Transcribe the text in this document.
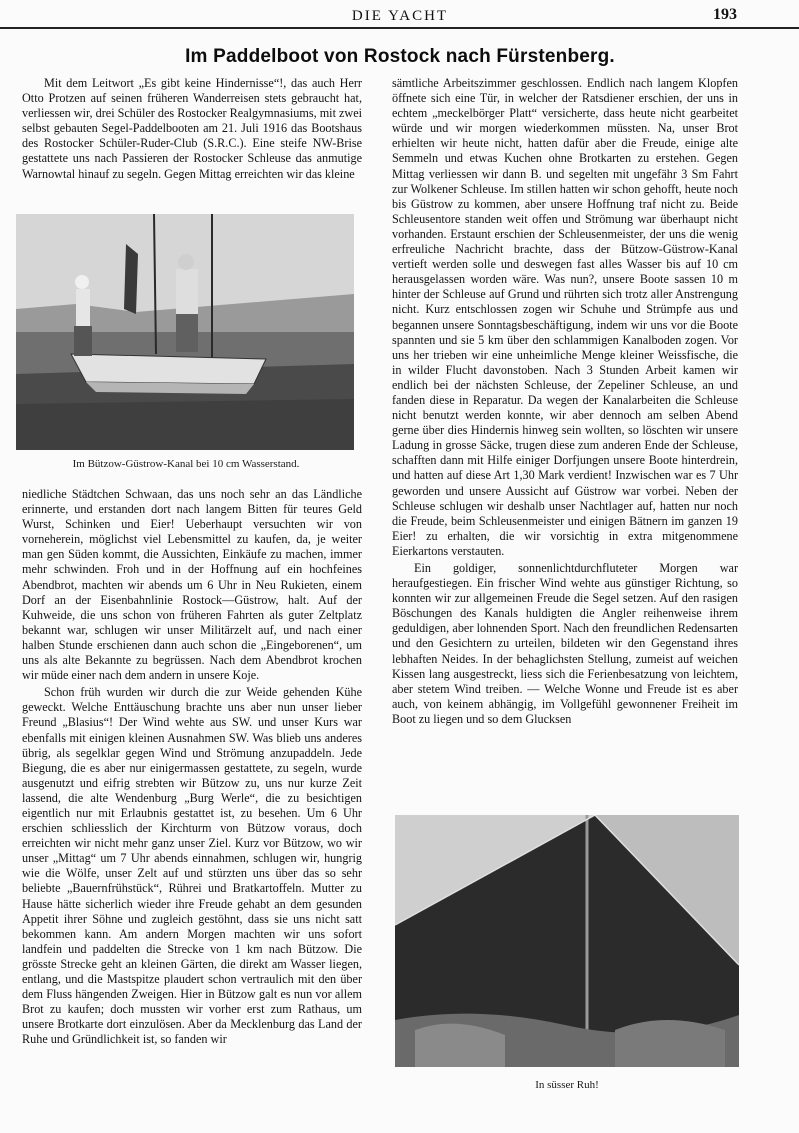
DIE YACHT	193
Im Paddelboot von Rostock nach Fürstenberg.

Mit dem Leitwort „Es gibt keine Hindernisse“!, das auch Herr Otto Protzen auf seinen früheren Wanderreisen stets gebraucht hat, verliessen wir, drei Schüler des Rostocker Realgymnasiums, mit zwei selbst gebauten Segel-Paddelbooten am 21. Juli 1916 das Bootshaus des Rostocker Schüler-Ruder-Club (S.R.C.). Eine steife NW-Brise gestattete uns nach Passieren der Rostocker Schleuse das anmutige Warnowtal hinauf zu segeln. Gegen Mittag erreichten wir das kleine

Im Bützow-Güstrow-Kanal bei 10 cm Wasserstand.

niedliche Städtchen Schwaan, das uns noch sehr an das Ländliche erinnerte, und erstanden dort nach langem Bitten für teures Geld Wurst, Schinken und Eier! Ueberhaupt versuchten wir von vorneherein, möglichst viel Lebensmittel zu kaufen, da, je weiter man gen Süden kommt, die Aussichten, Einkäufe zu machen, immer mehr schwinden. Froh und in der Hoffnung auf ein hochfeines Abendbrot, machten wir abends um 6 Uhr in Neu Rukieten, einem Dorf an der Eisenbahnlinie Rostock—Güstrow, halt. Auf der Kuhweide, die uns schon von früheren Fahrten als guter Zeltplatz bekannt war, schlugen wir unser Militärzelt auf, und nach einer halben Stunde erschienen dann auch schon die „Eingeborenen“, um uns als alte Bekannte zu begrüssen. Nach dem Abendbrot krochen wir müde einer nach dem andern in unsere Koje.

Schon früh wurden wir durch die zur Weide gehenden Kühe geweckt. Welche Enttäuschung brachte uns aber nun unser lieber Freund „Blasius“! Der Wind wehte aus SW. und unser Kurs war ebenfalls mit einigen kleinen Ausnahmen SW. Was blieb uns anderes übrig, als segelklar gegen Wind und Strömung anzupaddeln. Jede Biegung, die es aber nur einigermassen gestattete, zu segeln, wurde ausgenutzt und eifrig strebten wir Bützow zu, uns nur kurze Zeit lassend, die alte Wendenburg „Burg Werle“, die zu besichtigen eigentlich nur mit Erlaubnis gestattet ist, zu besehen. Um 6 Uhr erschien schliesslich der Kirchturm von Bützow voraus, doch erreichten wir nicht mehr ganz unser Ziel. Kurz vor Bützow, wo wir unser „Mittag“ um 7 Uhr abends einnahmen, schlugen wir, hungrig wie die Wölfe, unser Zelt auf und stürzten uns über das so sehr beliebte „Bauernfrühstück“, Rührei und Bratkartoffeln. Mutter zu Hause hätte sicherlich wieder ihre Freude gehabt an dem gesunden Appetit ihrer Söhne und zugleich gestöhnt, dass sie uns nicht satt bekommen kann. Am andern Morgen machten wir uns sofort landfein und paddelten die Strecke von 1 km nach Bützow. Die grösste Strecke geht an kleinen Gärten, die direkt am Wasser liegen, entlang, und die Mastspitze plaudert schon vertraulich mit den über dem Fluss hängenden Zweigen. Hier in Bützow galt es nun vor allem Brot zu kaufen; doch mussten wir vorher erst zum Rathaus, um unsere Brotkarte dort einzulösen. Aber da Mecklenburg das Land der Ruhe und Gründlichkeit ist, so fanden wir

sämtliche Arbeitszimmer geschlossen. Endlich nach langem Klopfen öffnete sich eine Tür, in welcher der Ratsdiener erschien, der uns in echtem „meckelbörger Platt“ versicherte, dass heute nicht gearbeitet würde und wir morgen wiederkommen müssten. Na, unser Brot erhielten wir heute nicht, hatten dafür aber die Freude, einige alte Semmeln und etwas Kuchen ohne Brotkarten zu erstehen. Gegen Mittag verliessen wir dann B. und segelten mit ungefähr 3 Sm Fahrt zur Wolkener Schleuse. Im stillen hatten wir schon gehofft, heute noch bis Güstrow zu kommen, aber unsere Hoffnung traf nicht zu. Beide Schleusentore standen weit offen und Strömung war überhaupt nicht vorhanden. Erstaunt erschien der Schleusenmeister, der uns die wenig erfreuliche Nachricht brachte, dass der Bützow-Güstrow-Kanal vertieft werden solle und deswegen fast alles Wasser bis auf 10 cm herausgelassen worden wäre. Was nun?, unsere Boote sassen 10 m hinter der Schleuse auf Grund und rührten sich trotz aller Anstrengung nicht. Kurz entschlossen zogen wir Schuhe und Strümpfe aus und begannen unsere Sonntagsbeschäftigung, indem wir uns vor die Boote spannten und sie 5 km über den schlammigen Kanalboden zogen. Vor uns her trieben wir eine unheimliche Menge kleiner Weissfische, die in wilder Flucht davonstoben. Nach 3 Stunden Arbeit kamen wir endlich bei der nächsten Schleuse, der Zepeliner Schleuse, an und fanden diese in Reparatur. Da wegen der Kanalarbeiten die Schleuse nicht benutzt werden konnte, wir aber dennoch am selben Abend gerne über dies Hindernis hinweg sein wollten, so löschten wir unsere Ladung in grosse Säcke, trugen diese zum anderen Ende der Schleuse, schafften dann mit Hilfe einiger Dorfjungen unsere Boote hinterdrein, und hatten auf diese Art 1,30 Mark verdient! Inzwischen war es 7 Uhr geworden und unsere Aussicht auf Güstrow war vorbei. Neben der Schleuse schlugen wir deshalb unser Nachtlager auf, hatten nur noch die Freude, beim Schleusenmeister und einigen Bätnern im ganzen 19 Eier! zu erhalten, die wir vorsichtig in extra mitgenommene Eierkartons verstauten.

Ein goldiger, sonnenlichtdurchfluteter Morgen war heraufgestiegen. Ein frischer Wind wehte aus günstiger Richtung, so konnten wir zur allgemeinen Freude die Segel setzen. Auf den rasigen Böschungen des Kanals huldigten die Angler reihenweise ihrem geduldigen, aber lohnenden Sport. Nach den freundlichen Redensarten und den Gesichtern zu urteilen, bildeten wir den Gegenstand ihres lebhaften Neides. In der behaglichsten Stellung, zumeist auf weichen Kissen lang ausgestreckt, liess sich die Ferienbesatzung von leichtem, aber stetem Wind treiben. — Welche Wonne und Freude ist es aber auch, von keinem abhängig, im Vollgefühl gewonnener Freiheit im Boot zu liegen und so dem Glucksen

In süsser Ruh!
